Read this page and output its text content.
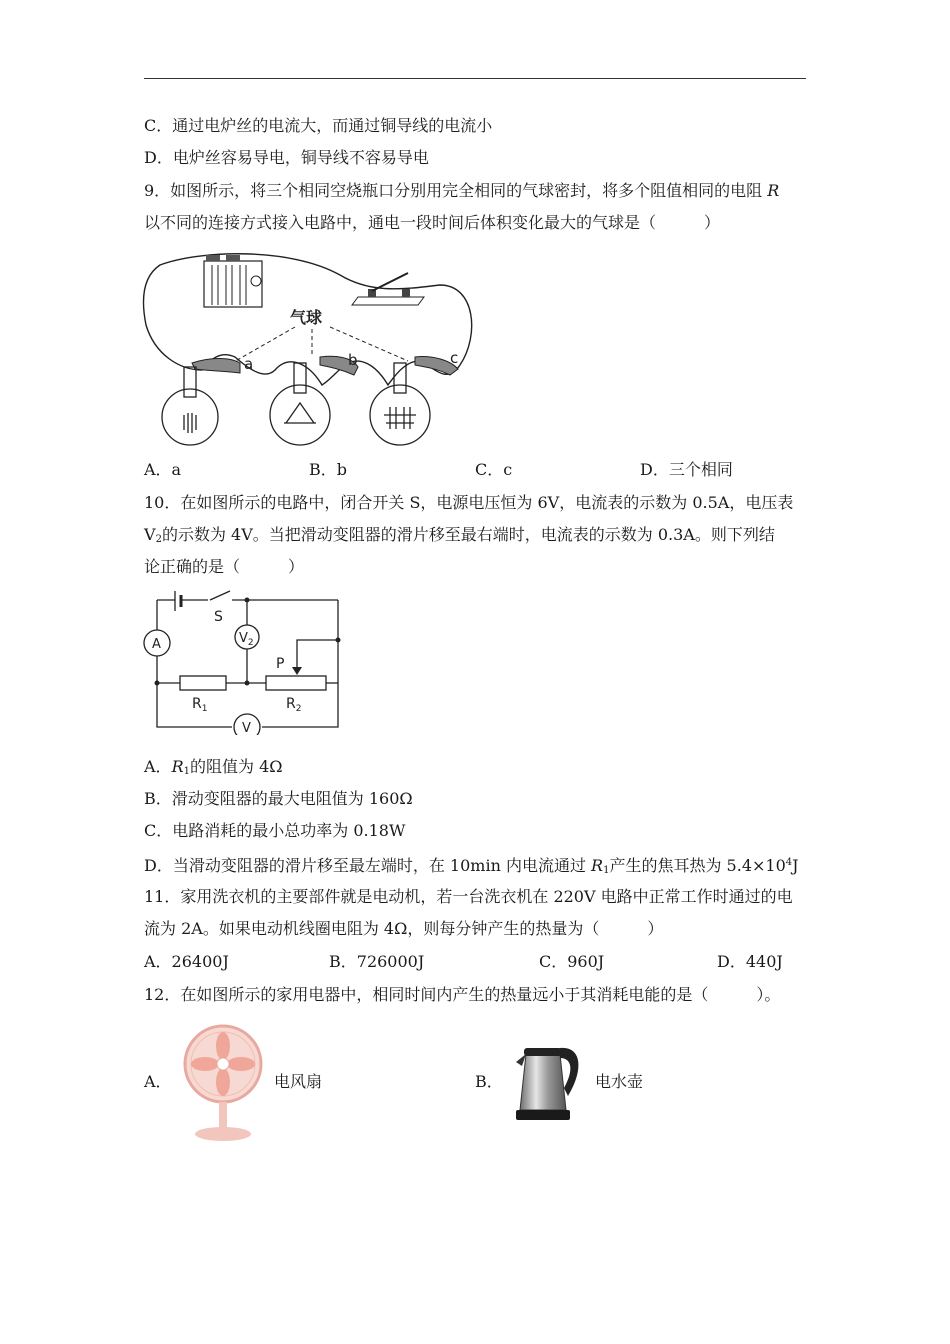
C．通过电炉丝的电流大，而通过铜导线的电流小
D．电炉丝容易导电，铜导线不容易导电
9．如图所示，将三个相同空烧瓶口分别用完全相同的气球密封，将多个阻值相同的电阻 R
以不同的连接方式接入电路中，通电一段时间后体积变化最大的气球是（　　　）
气球
a	b	c
A．a	B．b	C．c	D．三个相同
10．在如图所示的电路中，闭合开关 S，电源电压恒为 6V，电流表的示数为 0.5A，电压表
$V_2$的示数为 4V。当把滑动变阻器的滑片移至最右端时，电流表的示数为 0.3A。则下列结
论正确的是（　　　）
S
A	$V_2$
P
$R_1$	$R_2$
V
A．$R_1$的阻值为 4Ω
B．滑动变阻器的最大电阻值为 160Ω
C．电路消耗的最小总功率为 0.18W
D．当滑动变阻器的滑片移至最左端时，在 10min 内电流通过 $R_1$产生的焦耳热为 $5.4\times 10^4J$
11．家用洗衣机的主要部件就是电动机，若一台洗衣机在 220V 电路中正常工作时通过的电
流为 2A。如果电动机线圈电阻为 4Ω，则每分钟产生的热量为（　　　）
A．26400J	B．726000J	C．960J	D．440J
12．在如图所示的家用电器中，相同时间内产生的热量远小于其消耗电能的是（　　　）。
A．	电风扇	B．	电水壶
